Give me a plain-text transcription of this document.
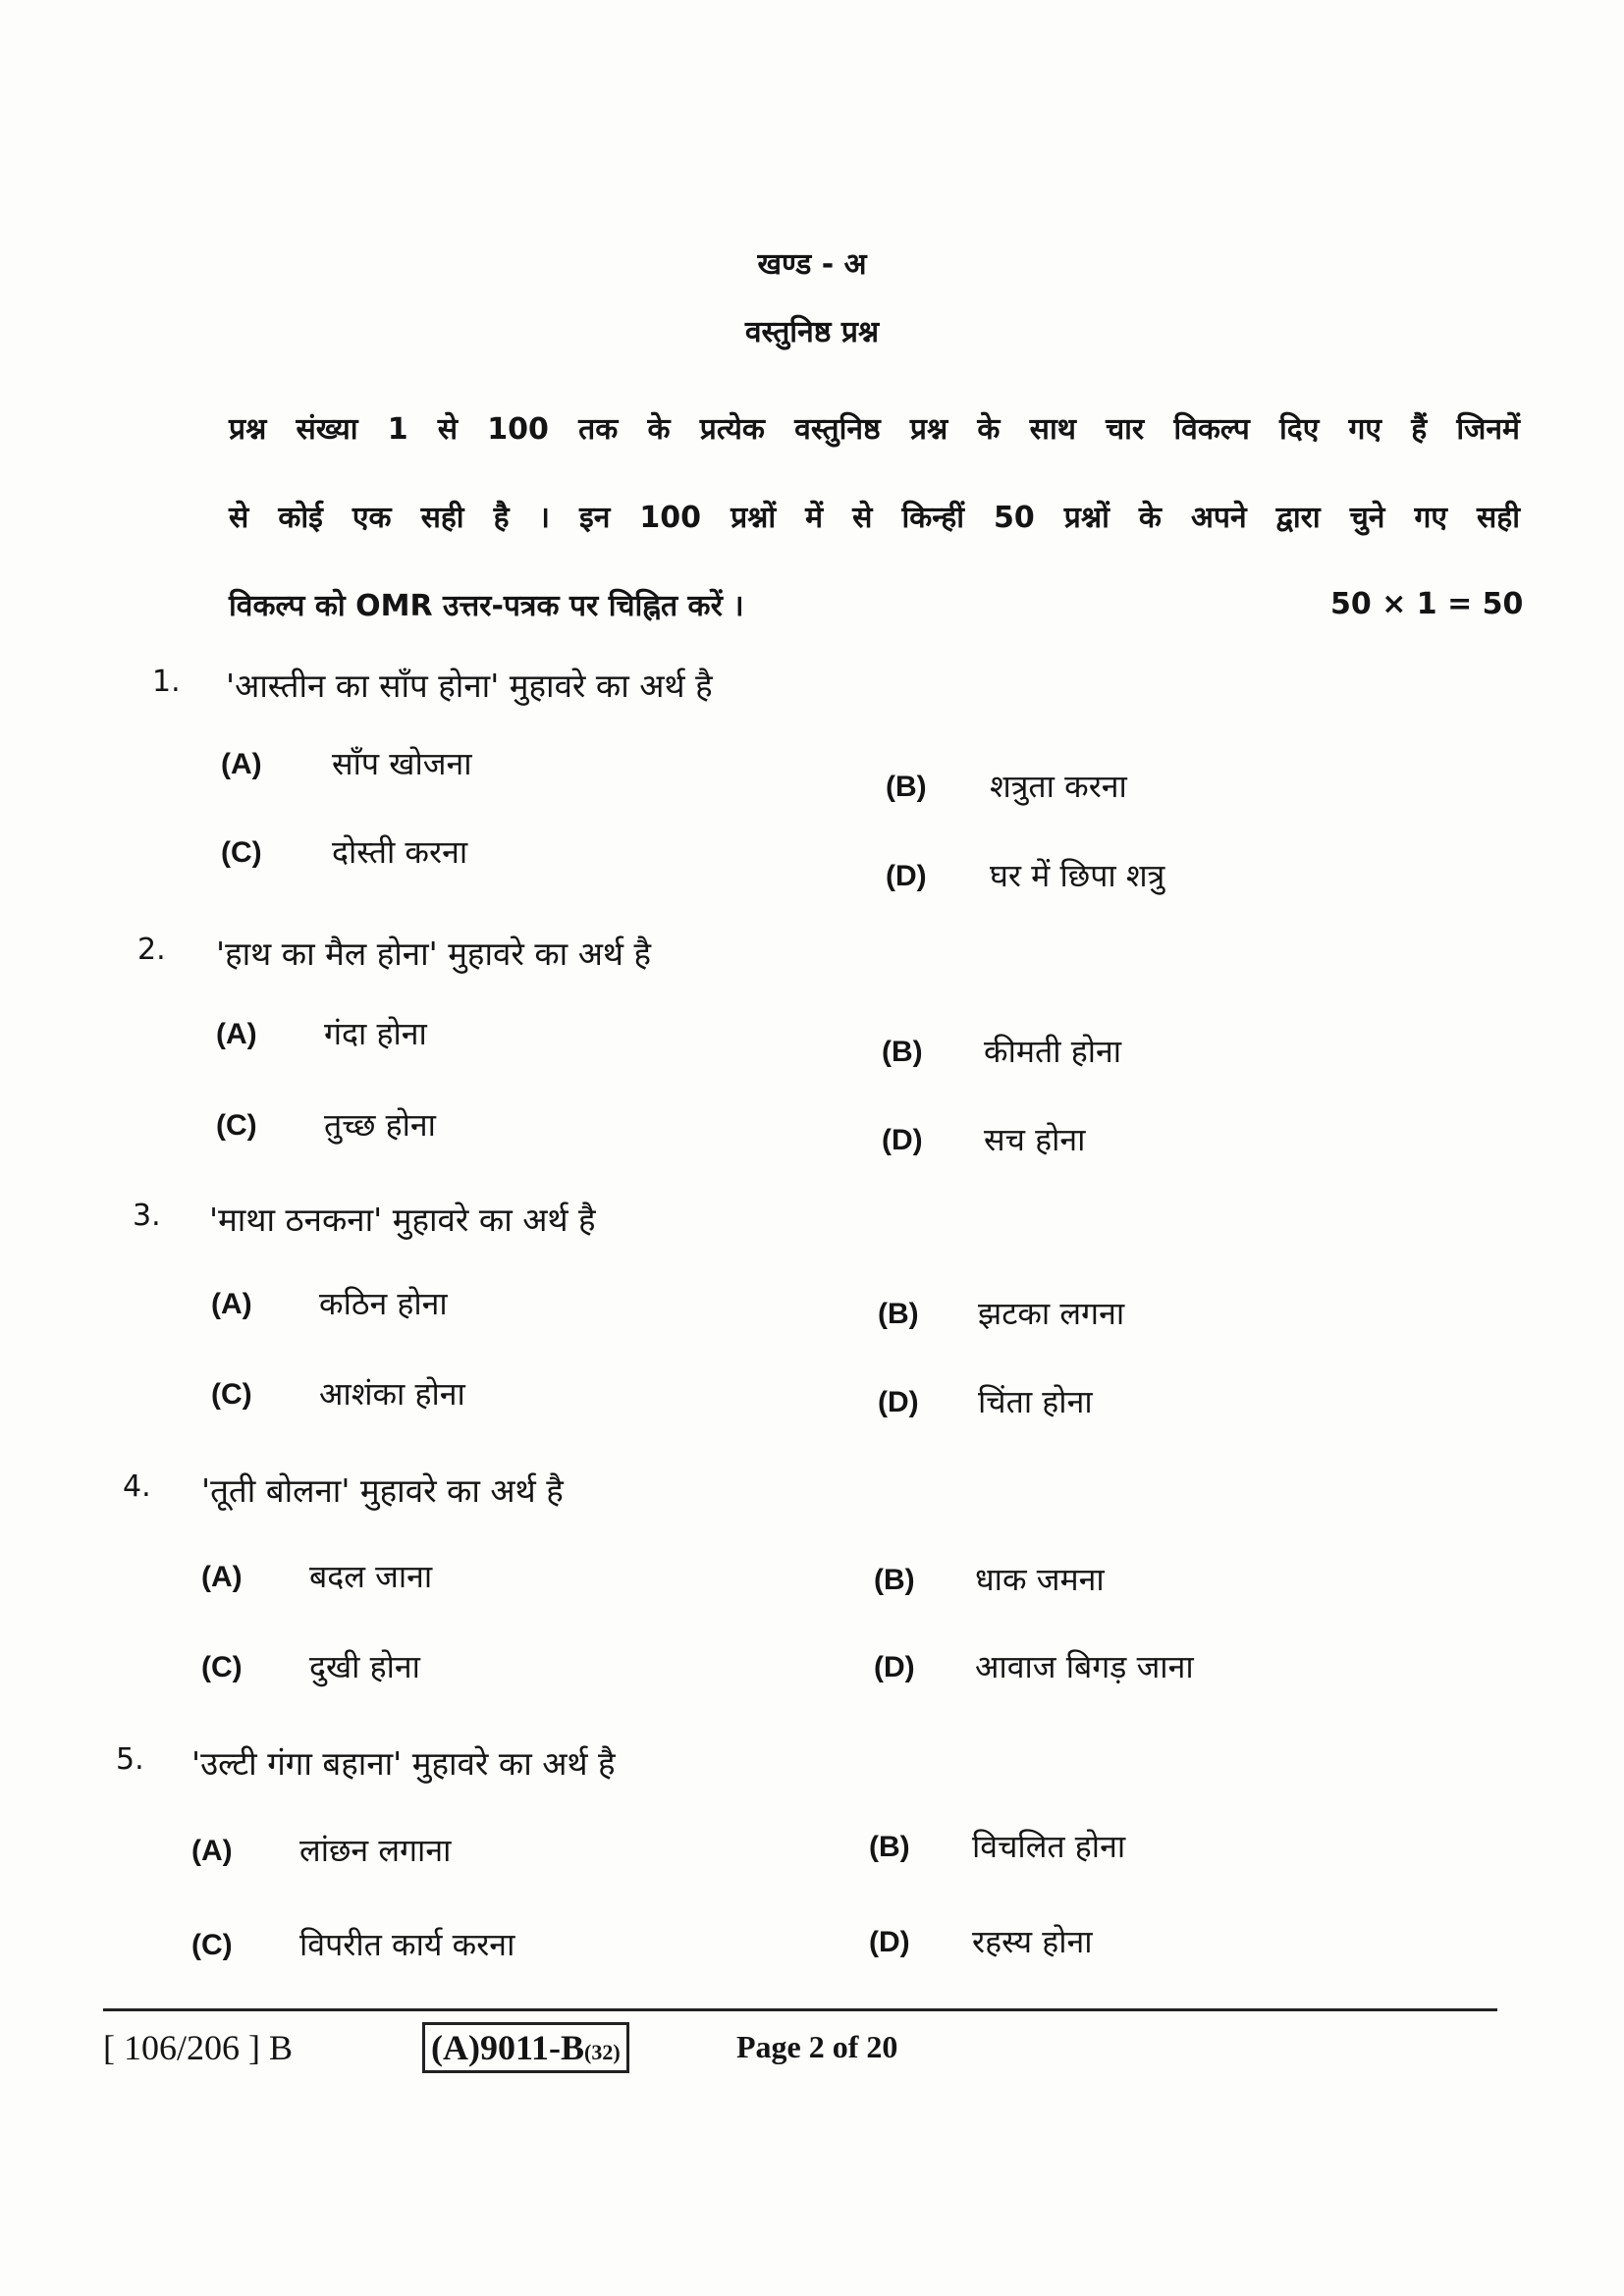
खण्ड - अ
वस्तुनिष्ठ प्रश्न
प्रश्न संख्या 1 से 100 तक के प्रत्येक वस्तुनिष्ठ प्रश्न के साथ चार विकल्प दिए गए हैं जिनमें
से कोई एक सही है । इन 100 प्रश्नों में से किन्हीं 50 प्रश्नों के अपने द्वारा चुने गए सही
विकल्प को OMR उत्तर-पत्रक पर चिह्नित करें ।	50 × 1 = 50
1. 'आस्तीन का साँप होना' मुहावरे का अर्थ है
(A) साँप खोजना
(B) शत्रुता करना
(C) दोस्ती करना
(D) घर में छिपा शत्रु
2. 'हाथ का मैल होना' मुहावरे का अर्थ है
(A) गंदा होना	(B) कीमती होना
(C) तुच्छ होना	(D) सच होना
3. 'माथा ठनकना' मुहावरे का अर्थ है
(A) कठिन होना	(B) झटका लगना
(C) आशंका होना	(D) चिंता होना
4. 'तूती बोलना' मुहावरे का अर्थ है
(A) बदल जाना	(B) धाक जमना
(C) दुखी होना	(D) आवाज बिगड़ जाना
5. 'उल्टी गंगा बहाना' मुहावरे का अर्थ है
(A) लांछन लगाना	(B) विचलित होना
(C) विपरीत कार्य करना	(D) रहस्य होना
[ 106/206 ] B	(A)9011-B(32)	Page 2 of 20
